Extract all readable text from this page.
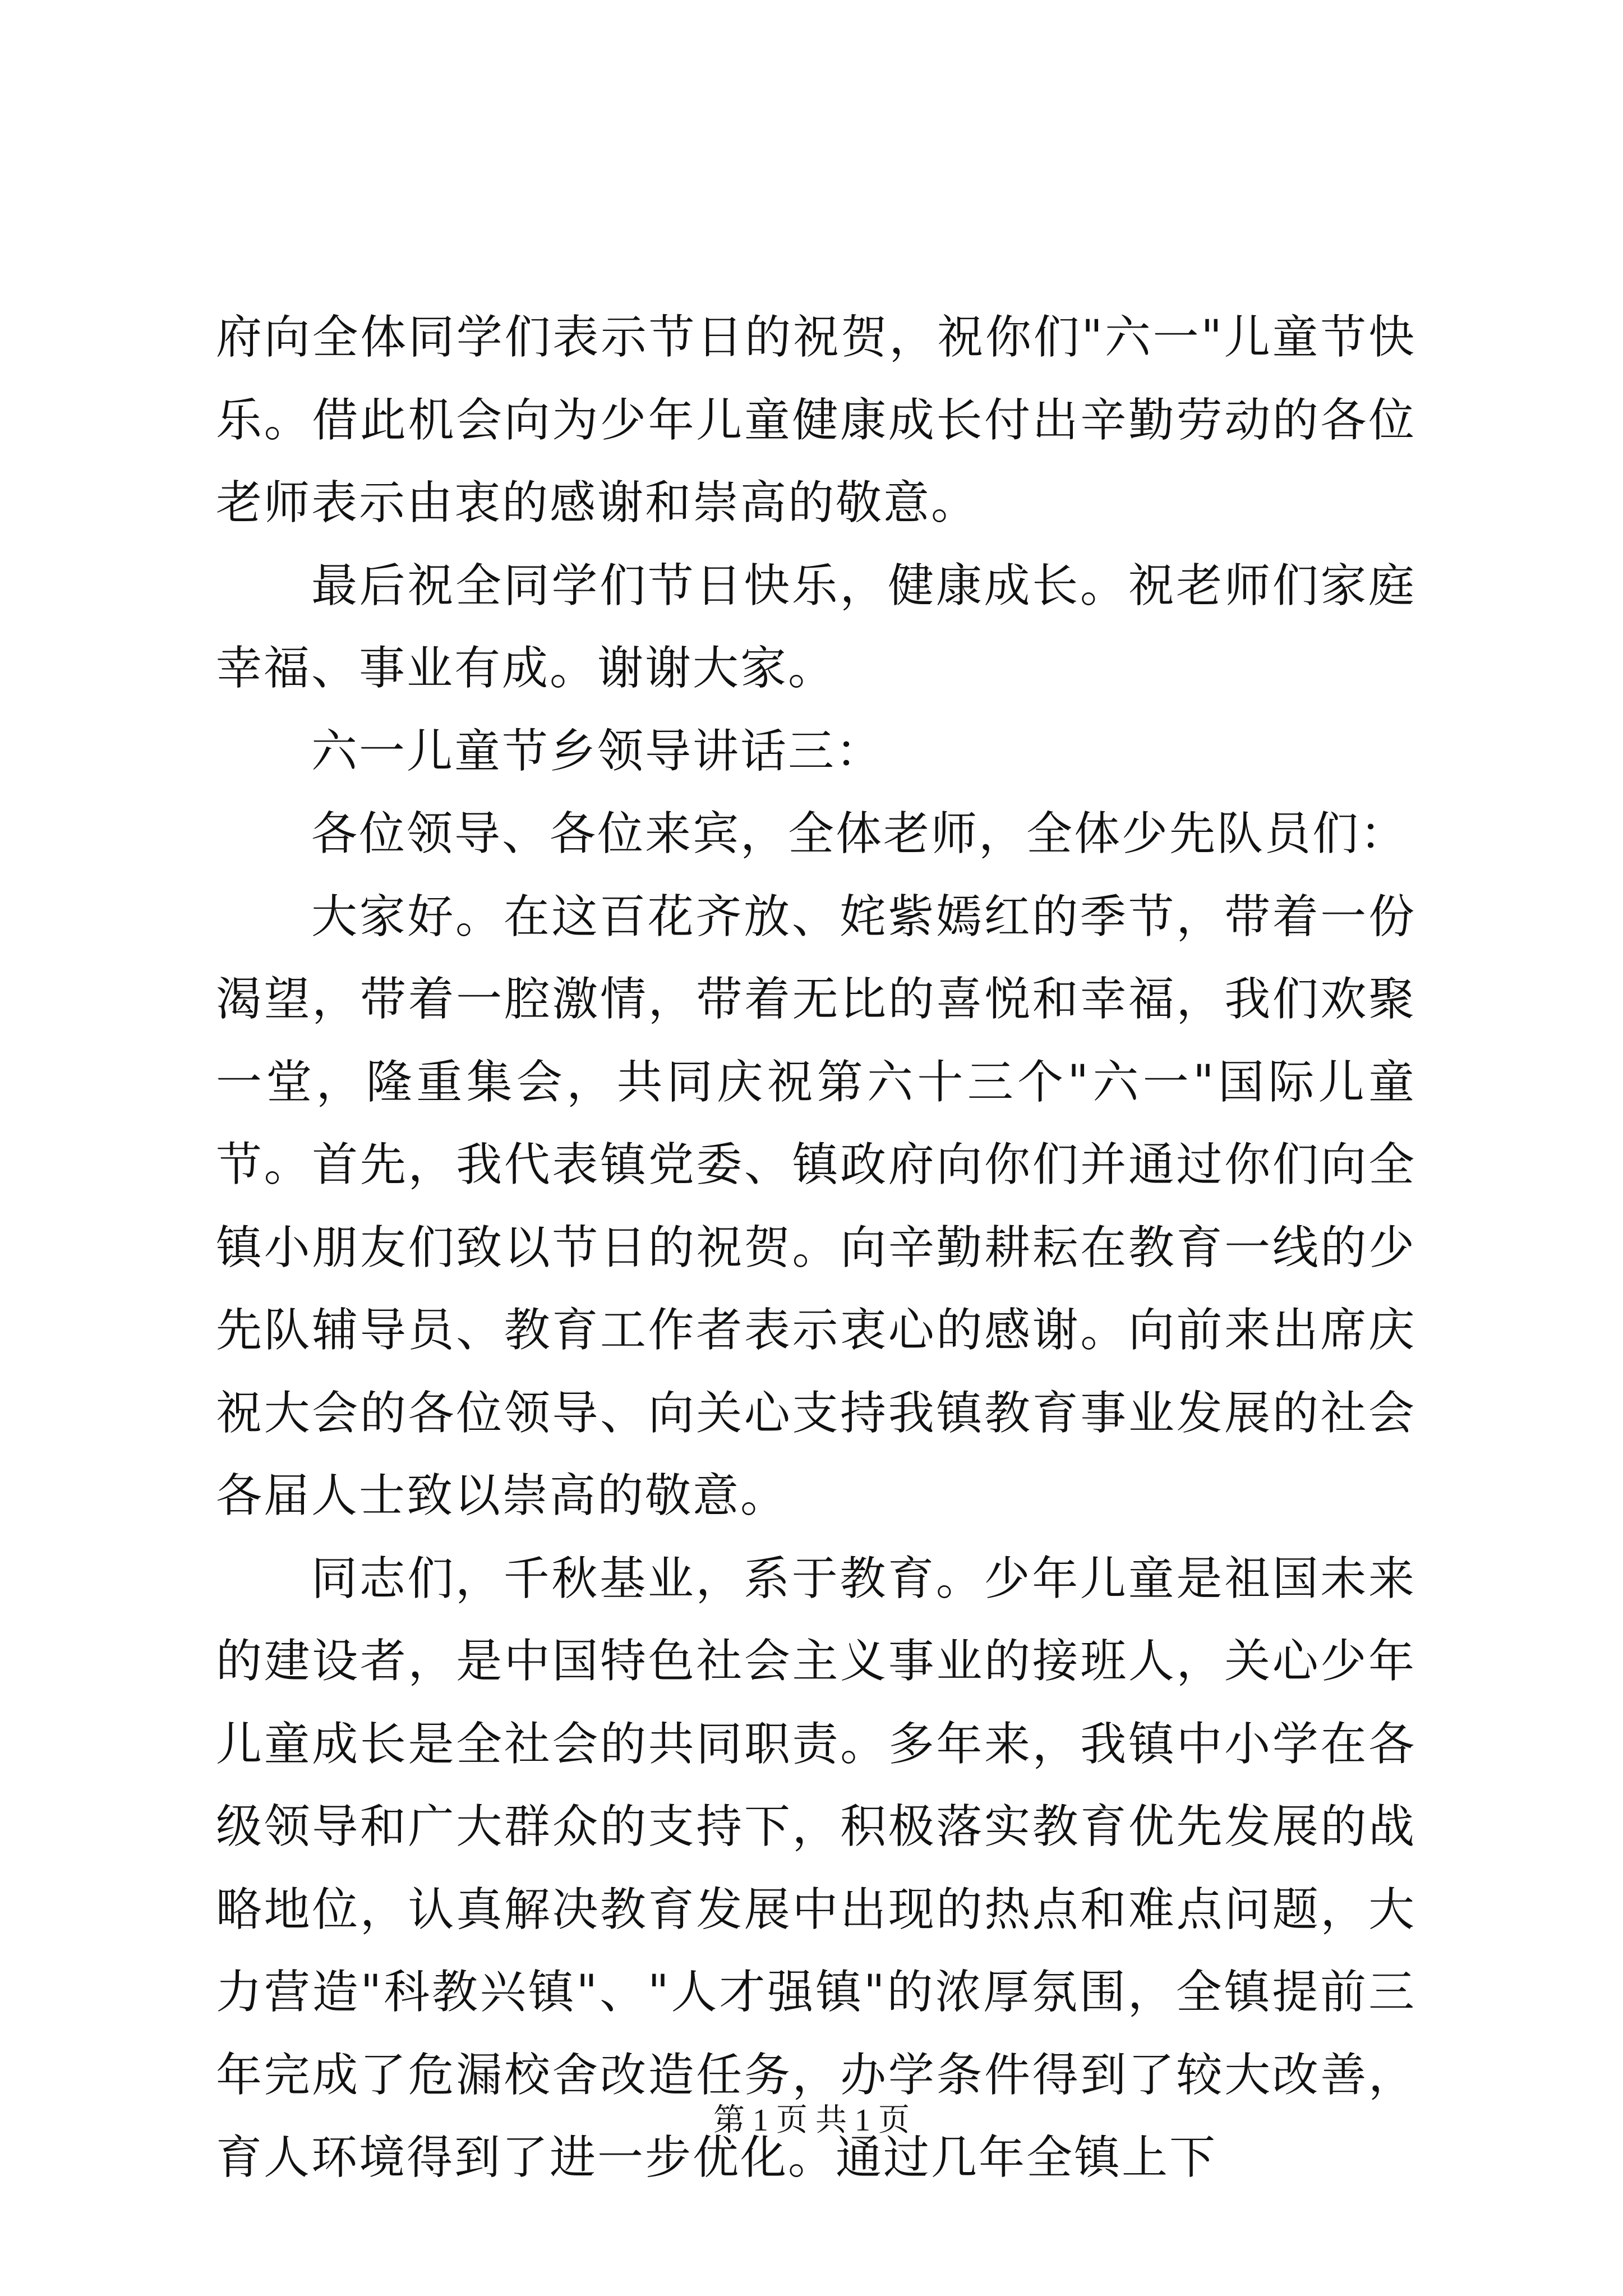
府向全体同学们表示节日的祝贺，祝你们"六一"儿童节快乐。借此机会向为少年儿童健康成长付出辛勤劳动的各位老师表示由衷的感谢和崇高的敬意。

最后祝全同学们节日快乐，健康成长。祝老师们家庭幸福、事业有成。谢谢大家。

六一儿童节乡领导讲话三：

各位领导、各位来宾，全体老师，全体少先队员们：

大家好。在这百花齐放、姹紫嫣红的季节，带着一份渴望，带着一腔激情，带着无比的喜悦和幸福，我们欢聚一堂，隆重集会，共同庆祝第六十三个"六一"国际儿童节。首先，我代表镇党委、镇政府向你们并通过你们向全镇小朋友们致以节日的祝贺。向辛勤耕耘在教育一线的少先队辅导员、教育工作者表示衷心的感谢。向前来出席庆祝大会的各位领导、向关心支持我镇教育事业发展的社会各届人士致以崇高的敬意。

同志们，千秋基业，系于教育。少年儿童是祖国未来的建设者，是中国特色社会主义事业的接班人，关心少年儿童成长是全社会的共同职责。多年来，我镇中小学在各级领导和广大群众的支持下，积极落实教育优先发展的战略地位，认真解决教育发展中出现的热点和难点问题，大力营造"科教兴镇"、"人才强镇"的浓厚氛围，全镇提前三年完成了危漏校舍改造任务，办学条件得到了较大改善，育人环境得到了进一步优化。通过几年全镇上下

第 1 页 共 1 页
